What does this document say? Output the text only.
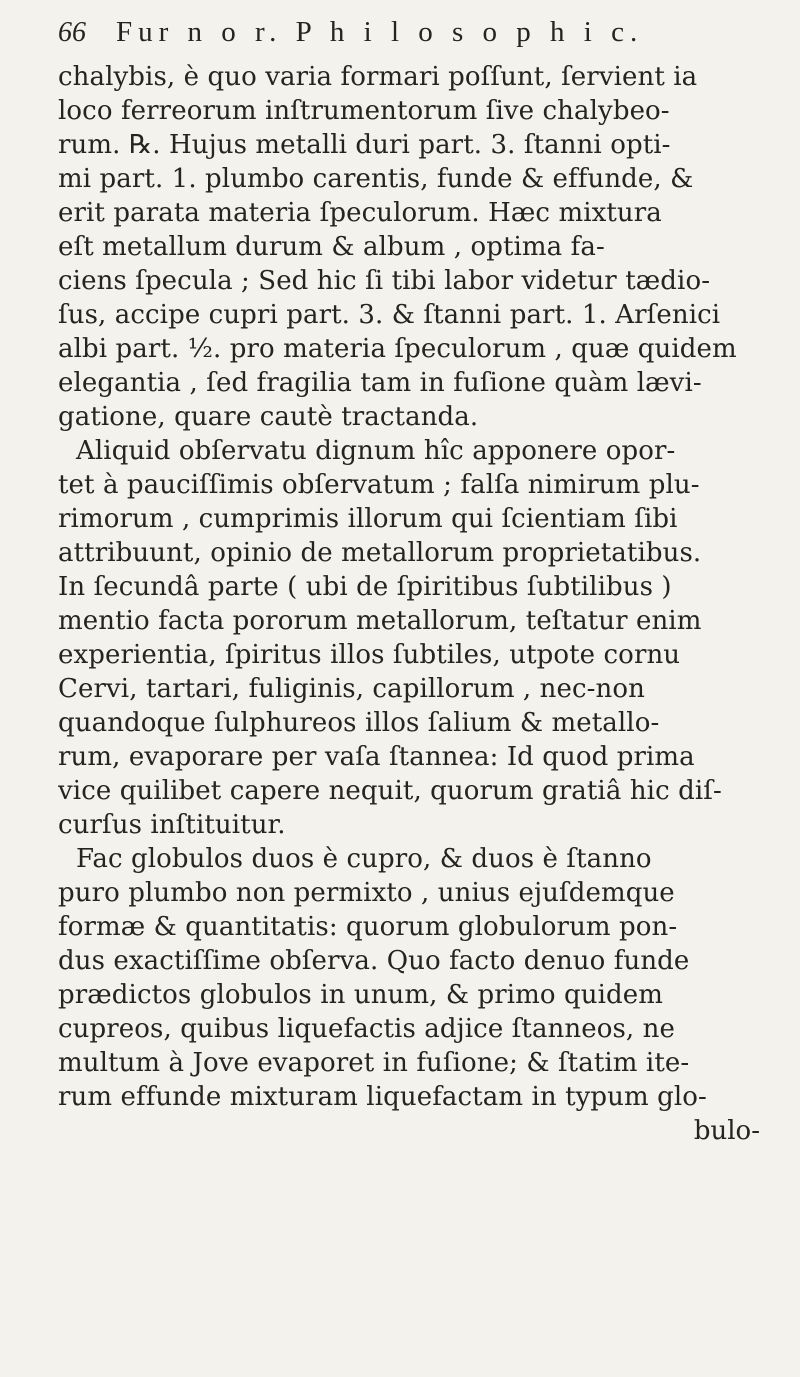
66 Fur n o r. P h i l o s o p h i c.
chalybis, è quo varia formari poſſunt, ſervient ia
loco ferreorum inſtrumentorum ſive chalybeo-
rum. ℞. Hujus metalli duri part. 3. ſtanni opti-
mi part. 1. plumbo carentis, funde & effunde, &
erit parata materia ſpeculorum. Hæc mixtura
eſt metallum durum & album , optima fa-
ciens ſpecula ; Sed hic ſi tibi labor videtur tædio-
ſus, accipe cupri part. 3. & ſtanni part. 1. Arſenici
albi part. ½. pro materia ſpeculorum , quæ quidem
elegantia , ſed fragilia tam in fuſione quàm lævi-
gatione, quare cautè tractanda.
Aliquid obſervatu dignum hîc apponere opor-
tet à pauciſſimis obſervatum ; falſa nimirum plu-
rimorum , cumprimis illorum qui ſcientiam ſibi
attribuunt, opinio de metallorum proprietatibus.
In ſecundâ parte ( ubi de ſpiritibus ſubtilibus )
mentio facta pororum metallorum, teſtatur enim
experientia, ſpiritus illos ſubtiles, utpote cornu
Cervi, tartari, fuliginis, capillorum , nec-non
quandoque ſulphureos illos ſalium & metallo-
rum, evaporare per vaſa ſtannea: Id quod prima
vice quilibet capere nequit, quorum gratiâ hic diſ-
curſus inſtituitur.
Fac globulos duos è cupro, & duos è ſtanno
puro plumbo non permixto , unius ejuſdemque
formæ & quantitatis: quorum globulorum pon-
dus exactiſſime obſerva. Quo facto denuo funde
prædictos globulos in unum, & primo quidem
cupreos, quibus liquefactis adjice ſtanneos, ne
multum à Jove evaporet in fuſione; & ſtatim ite-
rum effunde mixturam liquefactam in typum glo-
bulo-
